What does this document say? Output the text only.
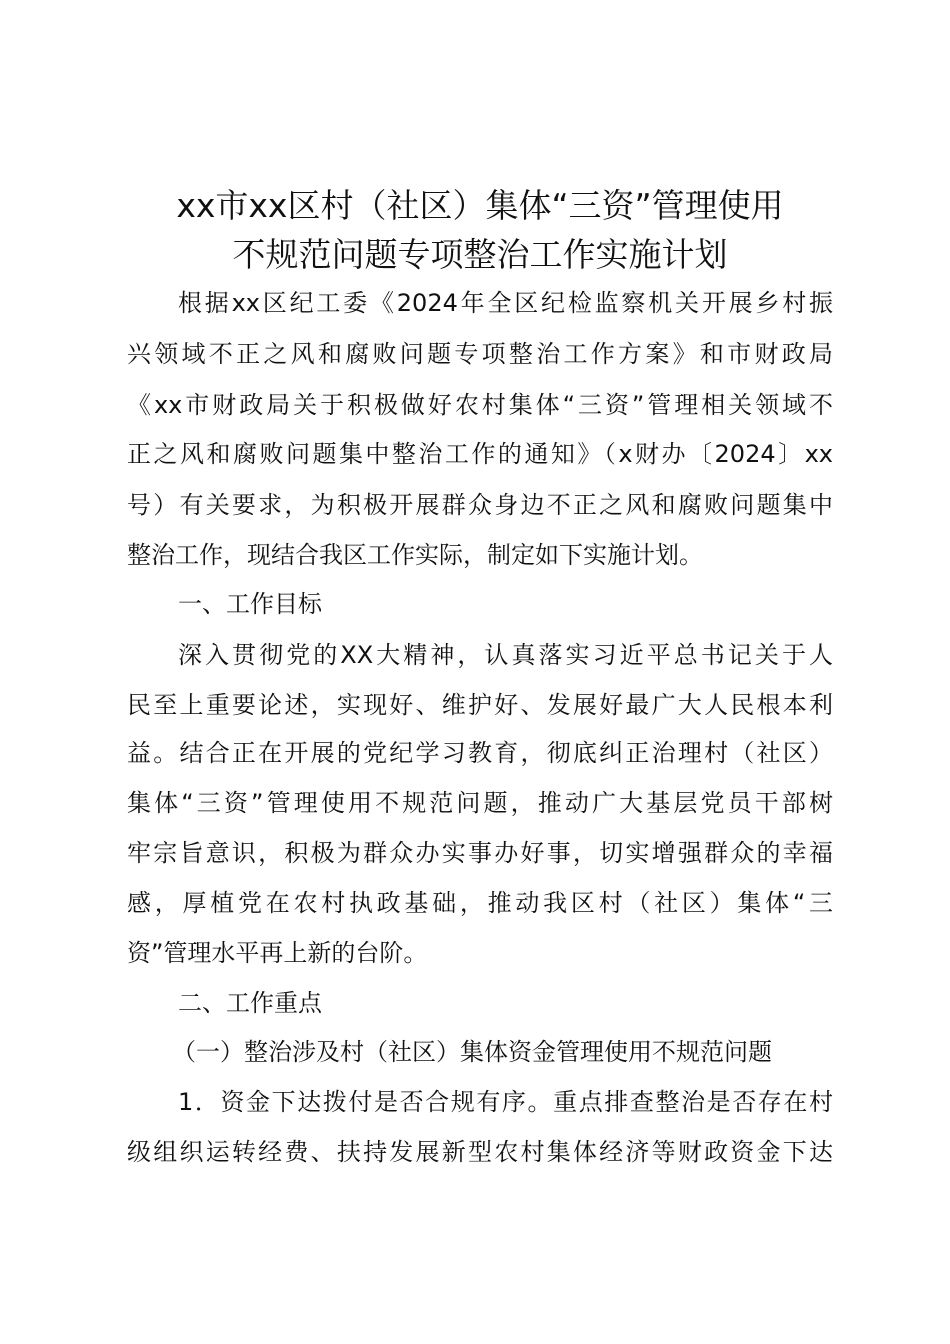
xx市xx区村（社区）集体“三资”管理使用
不规范问题专项整治工作实施计划

根据xx区纪工委《2024年全区纪检监察机关开展乡村振

兴领域不正之风和腐败问题专项整治工作方案》和市财政局

《xx市财政局关于积极做好农村集体“三资”管理相关领域不

正之风和腐败问题集中整治工作的通知》（x财办〔2024〕xx

号）有关要求，为积极开展群众身边不正之风和腐败问题集中

整治工作，现结合我区工作实际，制定如下实施计划。

一、工作目标

深入贯彻党的XX大精神，认真落实习近平总书记关于人

民至上重要论述，实现好、维护好、发展好最广大人民根本利

益。结合正在开展的党纪学习教育，彻底纠正治理村（社区）

集体“三资”管理使用不规范问题，推动广大基层党员干部树

牢宗旨意识，积极为群众办实事办好事，切实增强群众的幸福

感，厚植党在农村执政基础，推动我区村（社区）集体“三

资”管理水平再上新的台阶。

二、工作重点

（一）整治涉及村（社区）集体资金管理使用不规范问题

1．资金下达拨付是否合规有序。重点排查整治是否存在村

级组织运转经费、扶持发展新型农村集体经济等财政资金下达
